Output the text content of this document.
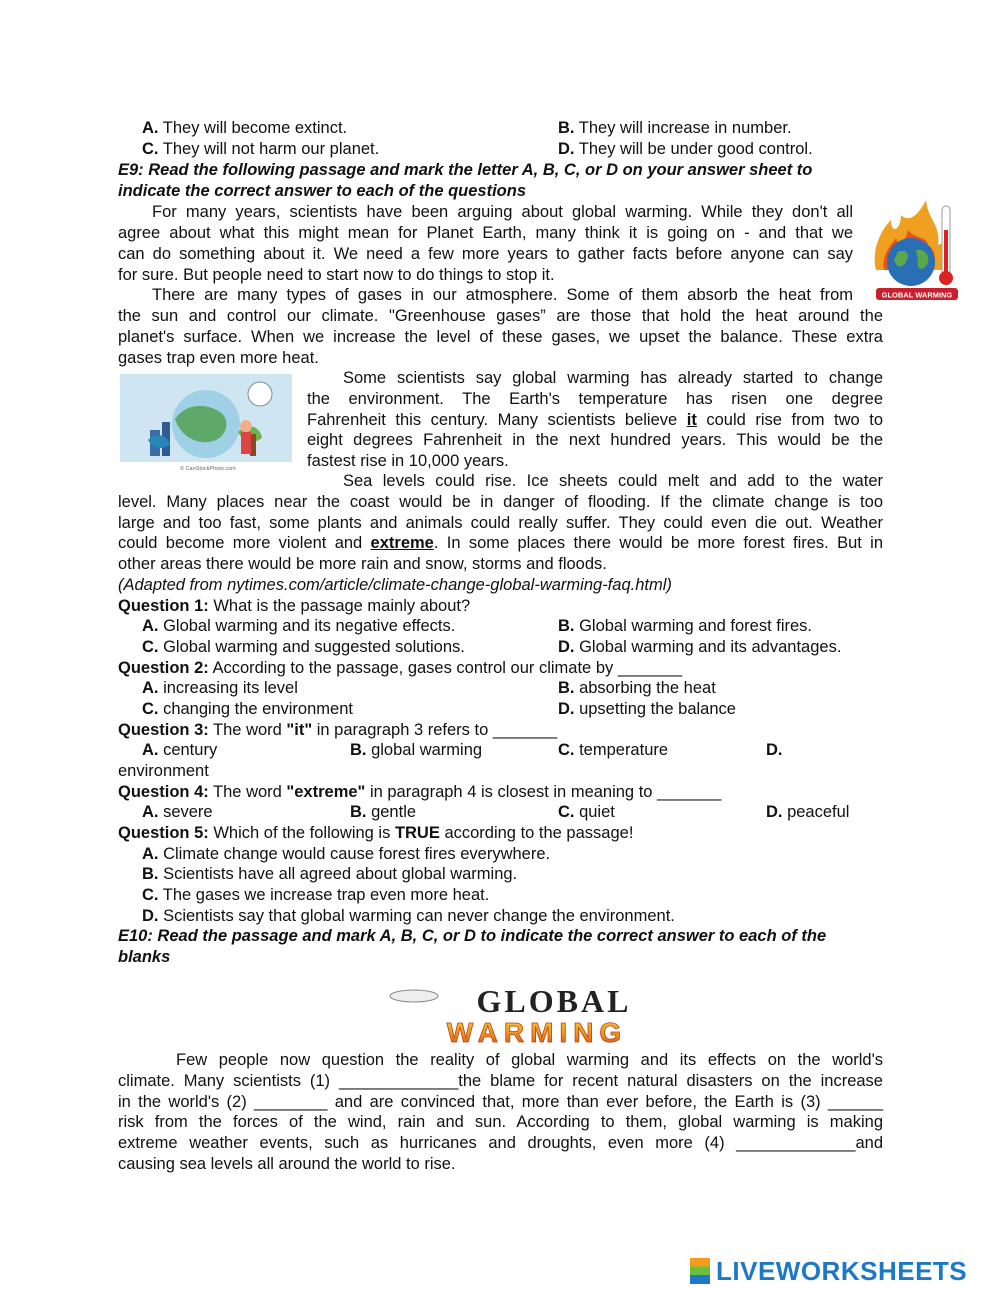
A. They will become extinct.	B. They will increase in number.
C. They will not harm our planet.	D. They will be under good control.
E9: Read the following passage and mark the letter A, B, C, or D on your answer sheet to
indicate the correct answer to each of the questions
For many years, scientists have been arguing about global warming. While they don't all
agree about what this might mean for Planet Earth, many think it is going on - and that we
can do something about it. We need a few more years to gather facts before anyone can say
for sure. But people need to start now to do things to stop it.
There are many types of gases in our atmosphere. Some of them absorb the heat from
the sun and control our climate. "Greenhouse gases” are those that hold the heat around the
planet's surface. When we increase the level of these gases, we upset the balance. These extra
gases trap even more heat.
GLOBAL WARMING
© CanStockPhoto.com
Some scientists say global warming has already started to change
the environment. The Earth's temperature has risen one degree
Fahrenheit this century. Many scientists believe it could rise from two to
eight degrees Fahrenheit in the next hundred years. This would be the
fastest rise in 10,000 years.
Sea levels could rise. Ice sheets could melt and add to the water
level. Many places near the coast would be in danger of flooding. If the climate change is too
large and too fast, some plants and animals could really suffer. They could even die out. Weather
could become more violent and extreme. In some places there would be more forest fires. But in
other areas there would be more rain and snow, storms and floods.
(Adapted from nytimes.com/article/climate-change-global-warming-faq.html)
Question 1: What is the passage mainly about?
A. Global warming and its negative effects.	B. Global warming and forest fires.
C. Global warming and suggested solutions.	D. Global warming and its advantages.
Question 2: According to the passage, gases control our climate by _______
A. increasing its level	B. absorbing the heat
C. changing the environment	D. upsetting the balance
Question 3: The word "it" in paragraph 3 refers to _______
A. century	B. global warming	C. temperature	D.
environment
Question 4: The word "extreme" in paragraph 4 is closest in meaning to _______
A. severe	B. gentle	C. quiet	D. peaceful
Question 5: Which of the following is TRUE according to the passage!
A. Climate change would cause forest fires everywhere.
B. Scientists have all agreed about global warming.
C. The gases we increase trap even more heat.
D. Scientists say that global warming can never change the environment.
E10: Read the passage and mark A, B, C, or D to indicate the correct answer to each of the
blanks
GLOBAL
WARMING
Few people now question the reality of global warming and its effects on the world's
climate. Many scientists (1) _____________the blame for recent natural disasters on the increase
in the world's (2) ________ and are convinced that, more than ever before, the Earth is (3) ______
risk from the forces of the wind, rain and sun. According to them, global warming is making
extreme weather events, such as hurricanes and droughts, even more (4) _____________and
causing sea levels all around the world to rise.
LIVEWORKSHEETS
